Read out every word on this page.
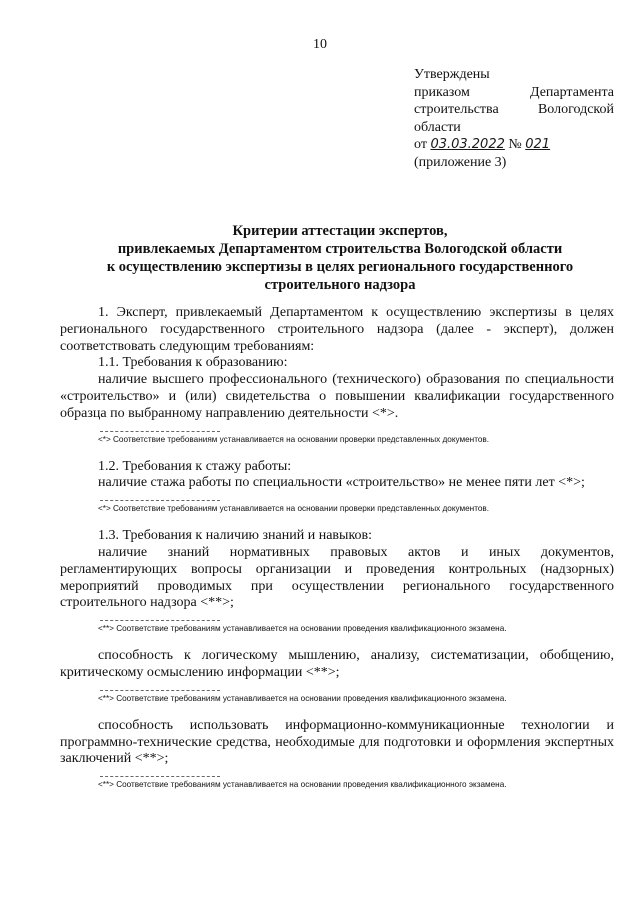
10
Утверждены
приказом	Департамента
строительства	Вологодской
области
от 03.03.2022 № 021
(приложение 3)
Критерии аттестации экспертов,
привлекаемых Департаментом строительства Вологодской области
к осуществлению экспертизы в целях регионального государственного
строительного надзора

1. Эксперт, привлекаемый Департаментом к осуществлению экспертизы в целях регионального государственного строительного надзора (далее - эксперт), должен соответствовать следующим требованиям:

1.1. Требования к образованию:

наличие высшего профессионального (технического) образования по специальности «строительство» и (или) свидетельства о повышении квалификации государственного образца по выбранному направлению деятельности <*>.

<*> Соответствие требованиям устанавливается на основании проверки представленных документов.

1.2. Требования к стажу работы:

наличие стажа работы по специальности «строительство» не менее пяти лет <*>;

<*> Соответствие требованиям устанавливается на основании проверки представленных документов.

1.3. Требования к наличию знаний и навыков:

наличие знаний нормативных правовых актов и иных документов, регламентирующих вопросы организации и проведения контрольных (надзорных) мероприятий проводимых при осуществлении регионального государственного строительного надзора <**>;

<**> Соответствие требованиям устанавливается на основании проведения квалификационного экзамена.

способность к логическому мышлению, анализу, систематизации, обобщению, критическому осмыслению информации <**>;

<**> Соответствие требованиям устанавливается на основании проведения квалификационного экзамена.

способность использовать информационно-коммуникационные технологии и программно-технические средства, необходимые для подготовки и оформления экспертных заключений <**>;

<**> Соответствие требованиям устанавливается на основании проведения квалификационного экзамена.
